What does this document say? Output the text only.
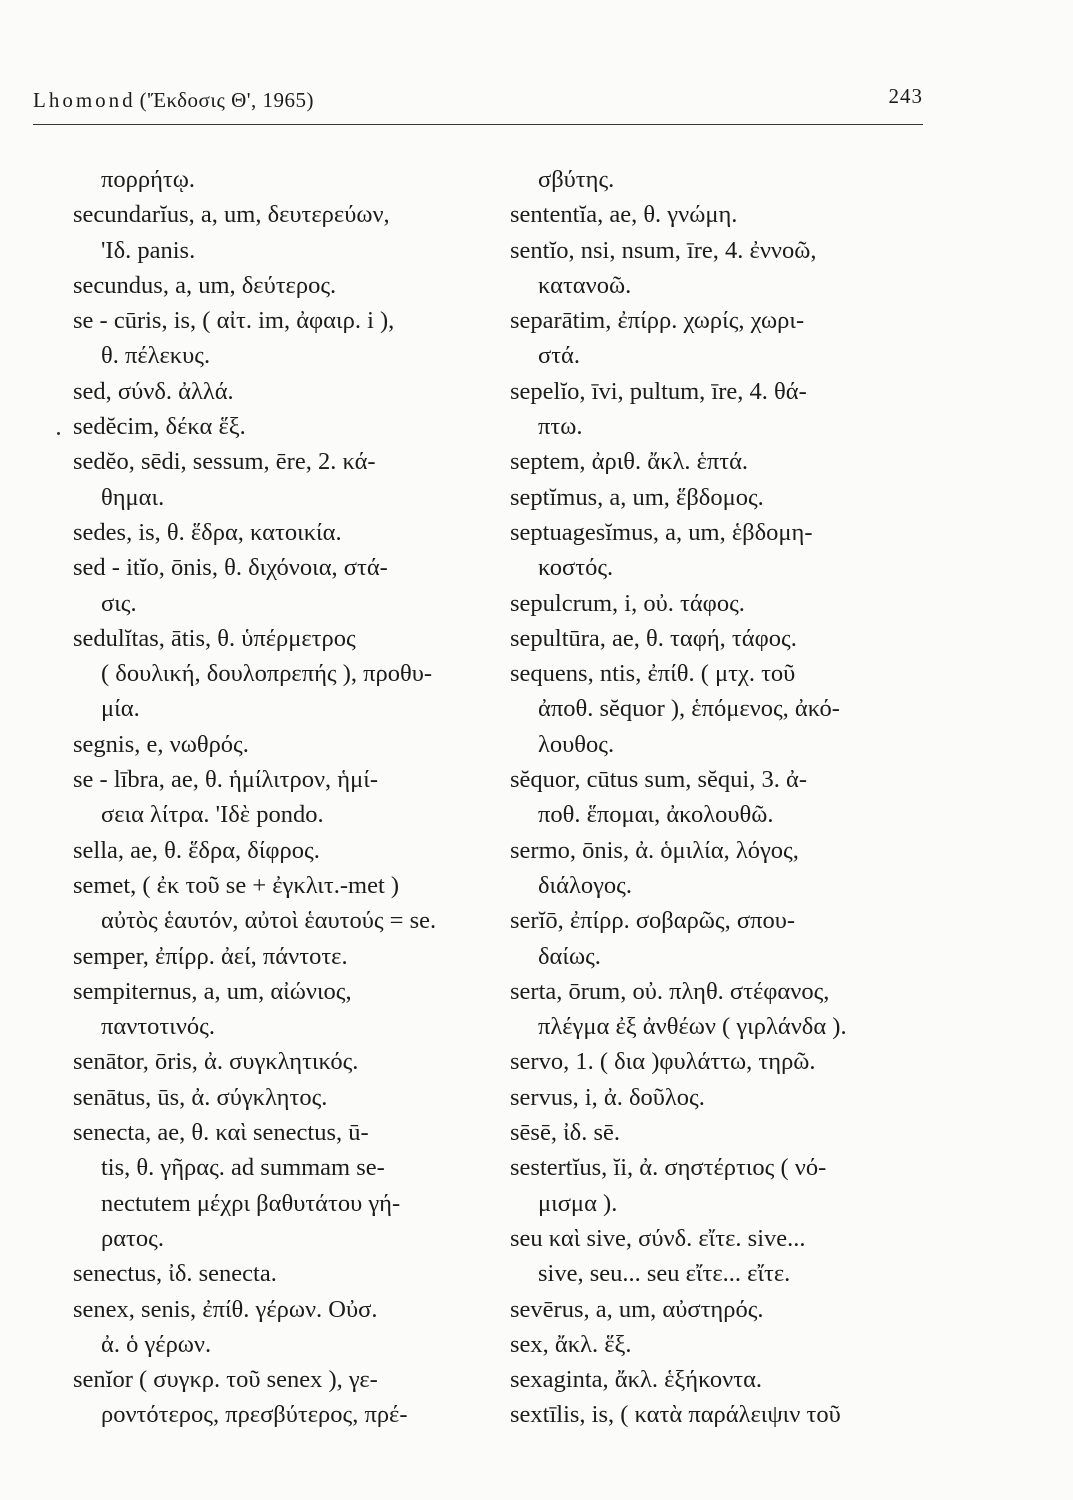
Lhomond ('Έκδοσις Θ', 1965)	243
πορρήτῳ.
secundarĭus, a, um, δευτερεύων,
'Ιδ. panis.
secundus, a, um, δεύτερος.
se - cūris, is, ( αἰτ. im, ἀφαιρ. i ),
θ. πέλεκυς.
sed, σύνδ. ἀλλά.
sedĕcim, δέκα ἕξ.
sedĕo, sēdi, sessum, ēre, 2. κά-
θημαι.
sedes, is, θ. ἕδρα, κατοικία.
sed - itĭo, ōnis, θ. διχόνοια, στά-
σις.
sedulĭtas, ātis, θ. ὑπέρμετρος
( δουλική, δουλοπρεπής ), προθυ-
μία.
segnis, e, νωθρός.
se - lībra, ae, θ. ἡμίλιτρον, ἡμί-
σεια λίτρα. 'Ιδὲ pondo.
sella, ae, θ. ἕδρα, δίφρος.
semet, ( ἐκ τοῦ se + ἐγκλιτ.-met )
αὐτὸς ἑαυτόν, αὐτοὶ ἑαυτούς = se.
semper, ἐπίρρ. ἀεί, πάντοτε.
sempiternus, a, um, αἰώνιος,
παντοτινός.
senātor, ōris, ἀ. συγκλητικός.
senātus, ūs, ἀ. σύγκλητος.
senecta, ae, θ. καὶ senectus, ū-
tis, θ. γῆρας. ad summam se-
nectutem μέχρι βαθυτάτου γή-
ρατος.
senectus, ἰδ. senecta.
senex, senis, ἐπίθ. γέρων. Οὐσ.
ἀ. ὁ γέρων.
senĭor ( συγκρ. τοῦ senex ), γε-
ροντότερος, πρεσβύτερος, πρέ-
σβύτης.
sententĭa, ae, θ. γνώμη.
sentĭo, nsi, nsum, īre, 4. ἐννοῶ,
κατανοῶ.
separātim, ἐπίρρ. χωρίς, χωρι-
στά.
sepelĭo, īvi, pultum, īre, 4. θά-
πτω.
septem, ἀριθ. ἄκλ. ἑπτά.
septĭmus, a, um, ἕβδομος.
septuagesĭmus, a, um, ἑβδομη-
κοστός.
sepulcrum, i, οὐ. τάφος.
sepultūra, ae, θ. ταφή, τάφος.
sequens, ntis, ἐπίθ. ( μτχ. τοῦ
ἀποθ. sĕquor ), ἑπόμενος, ἀκό-
λουθος.
sĕquor, cūtus sum, sĕqui, 3. ἀ-
ποθ. ἕπομαι, ἀκολουθῶ.
sermo, ōnis, ἀ. ὁμιλία, λόγος,
διάλογος.
serĭō, ἐπίρρ. σοβαρῶς, σπου-
δαίως.
serta, ōrum, οὐ. πληθ. στέφανος,
πλέγμα ἐξ ἀνθέων ( γιρλάνδα ).
servo, 1. ( δια )φυλάττω, τηρῶ.
servus, i, ἀ. δοῦλος.
sēsē, ἰδ. sē.
sestertĭus, ĭi, ἀ. σηστέρτιος ( νό-
μισμα ).
seu καὶ sive, σύνδ. εἴτε. sive...
sive, seu... seu εἴτε... εἴτε.
sevērus, a, um, αὐστηρός.
sex, ἄκλ. ἕξ.
sexaginta, ἄκλ. ἑξήκοντα.
sextīlis, is, ( κατὰ παράλειψιν τοῦ
